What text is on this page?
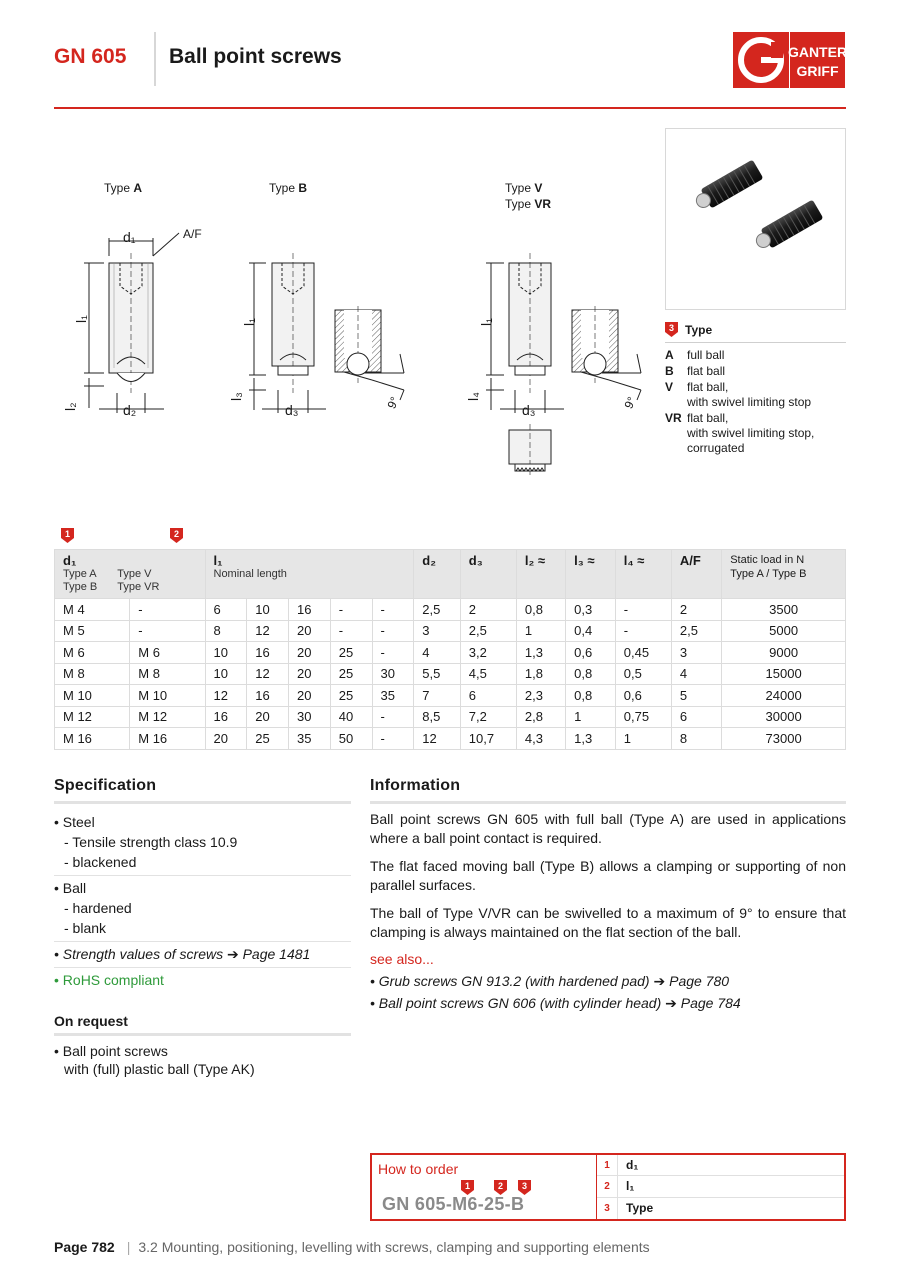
GN 605 Ball point screws	GANTER
GRIFF
Type A
d₁	A/F
l₁
l₂	d₂
Type B
l₁
l₃
d₃	9°
Type V
Type VR
l₁
l₄
d₃	9°
3 Type
A	full ball
B	flat ball
V	flat ball,
with swivel limiting stop
VR flat ball,
with swivel limiting stop,
corrugated
1	2
d₁
Type A
Type B
Type V
Type VR		l₁
Nominal length					d₂	d₃	l₂ ≈	l₃ ≈	l₄ ≈	A/F	Static load in N
Type A / Type B
M 4	-	6	10	16	-	-	2,5	2	0,8	0,3	-	2	3500
M 5	-	8	12	20	-	-	3	2,5	1	0,4	-	2,5	5000
M 6	M 6	10	16	20	25	-	4	3,2	1,3	0,6	0,45	3	9000
M 8	M 8	10	12	20	25	30	5,5	4,5	1,8	0,8	0,5	4	15000
M 10	M 10	12	16	20	25	35	7	6	2,3	0,8	0,6	5	24000
M 12	M 12	16	20	30	40	-	8,5	7,2	2,8	1	0,75	6	30000
M 16	M 16	20	25	35	50	-	12	10,7	4,3	1,3	1	8	73000
Specification
• Steel
- Tensile strength class 10.9
- blackened
• Ball
- hardened
- blank
• Strength values of screws ➔ Page 1481
• RoHS compliant
On request
• Ball point screws
with (full) plastic ball (Type AK)
Information

Ball point screws GN 605 with full ball (Type A) are used in applications where a ball point contact is required.

The flat faced moving ball (Type B) allows a clamping or supporting of non parallel surfaces.

The ball of Type V/VR can be swivelled to a maximum of 9° to ensure that clamping is always maintained on the flat section of the ball.

see also...
• Grub screws GN 913.2 (with hardened pad) ➔ Page 780
• Ball point screws GN 606 (with cylinder head) ➔ Page 784
How to order
1	2	3
GN 605-M6-25-B
1	d₁
2	l₁
3	Type
Page 782 | 3.2 Mounting, positioning, levelling with screws, clamping and supporting elements
